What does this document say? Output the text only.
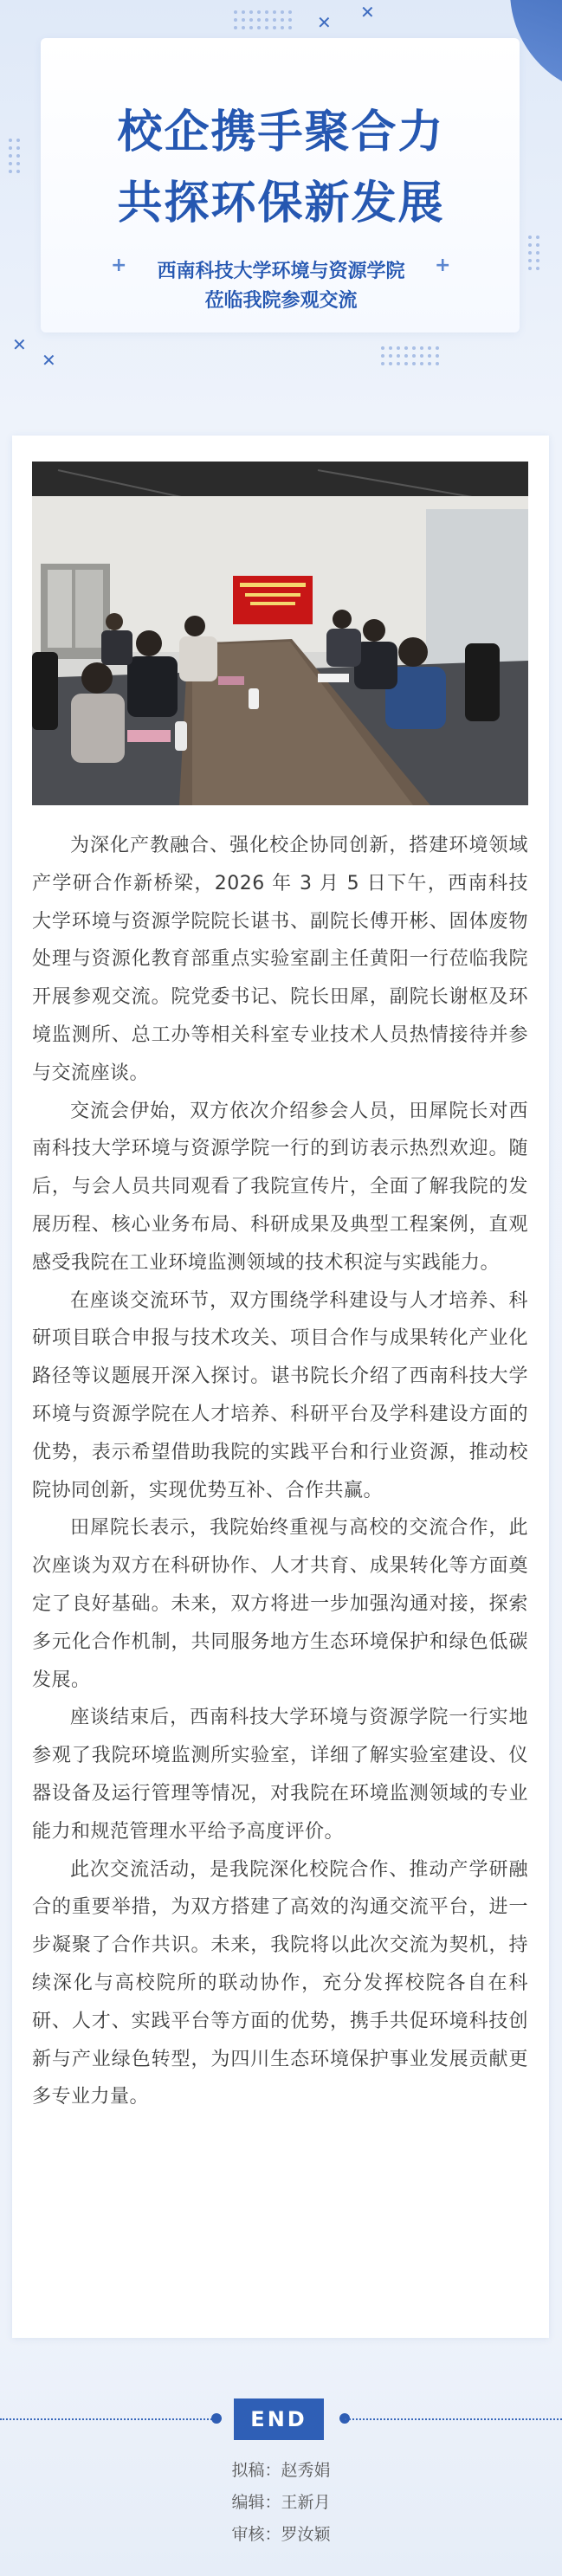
✕ ✕
✕
✕
校企携手聚合力
共探环保新发展
+	+
西南科技大学环境与资源学院
莅临我院参观交流

为深化产教融合、强化校企协同创新，搭建环境领域产学研合作新桥梁，2026 年 3 月 5 日下午，西南科技大学环境与资源学院院长谌书、副院长傅开彬、固体废物处理与资源化教育部重点实验室副主任黄阳一行莅临我院开展参观交流。院党委书记、院长田犀，副院长谢枢及环境监测所、总工办等相关科室专业技术人员热情接待并参与交流座谈。

交流会伊始，双方依次介绍参会人员，田犀院长对西南科技大学环境与资源学院一行的到访表示热烈欢迎。随后，与会人员共同观看了我院宣传片，全面了解我院的发展历程、核心业务布局、科研成果及典型工程案例，直观感受我院在工业环境监测领域的技术积淀与实践能力。

在座谈交流环节，双方围绕学科建设与人才培养、科研项目联合申报与技术攻关、项目合作与成果转化产业化路径等议题展开深入探讨。谌书院长介绍了西南科技大学环境与资源学院在人才培养、科研平台及学科建设方面的优势，表示希望借助我院的实践平台和行业资源，推动校院协同创新，实现优势互补、合作共赢。

田犀院长表示，我院始终重视与高校的交流合作，此次座谈为双方在科研协作、人才共育、成果转化等方面奠定了良好基础。未来，双方将进一步加强沟通对接，探索多元化合作机制，共同服务地方生态环境保护和绿色低碳发展。

座谈结束后，西南科技大学环境与资源学院一行实地参观了我院环境监测所实验室，详细了解实验室建设、仪器设备及运行管理等情况，对我院在环境监测领域的专业能力和规范管理水平给予高度评价。

此次交流活动，是我院深化校院合作、推动产学研融合的重要举措，为双方搭建了高效的沟通交流平台，进一步凝聚了合作共识。未来，我院将以此次交流为契机，持续深化与高校院所的联动协作，充分发挥校院各自在科研、人才、实践平台等方面的优势，携手共促环境科技创新与产业绿色转型，为四川生态环境保护事业发展贡献更多专业力量。

END
拟稿：赵秀娟
编辑：王新月
审核：罗汝颖
